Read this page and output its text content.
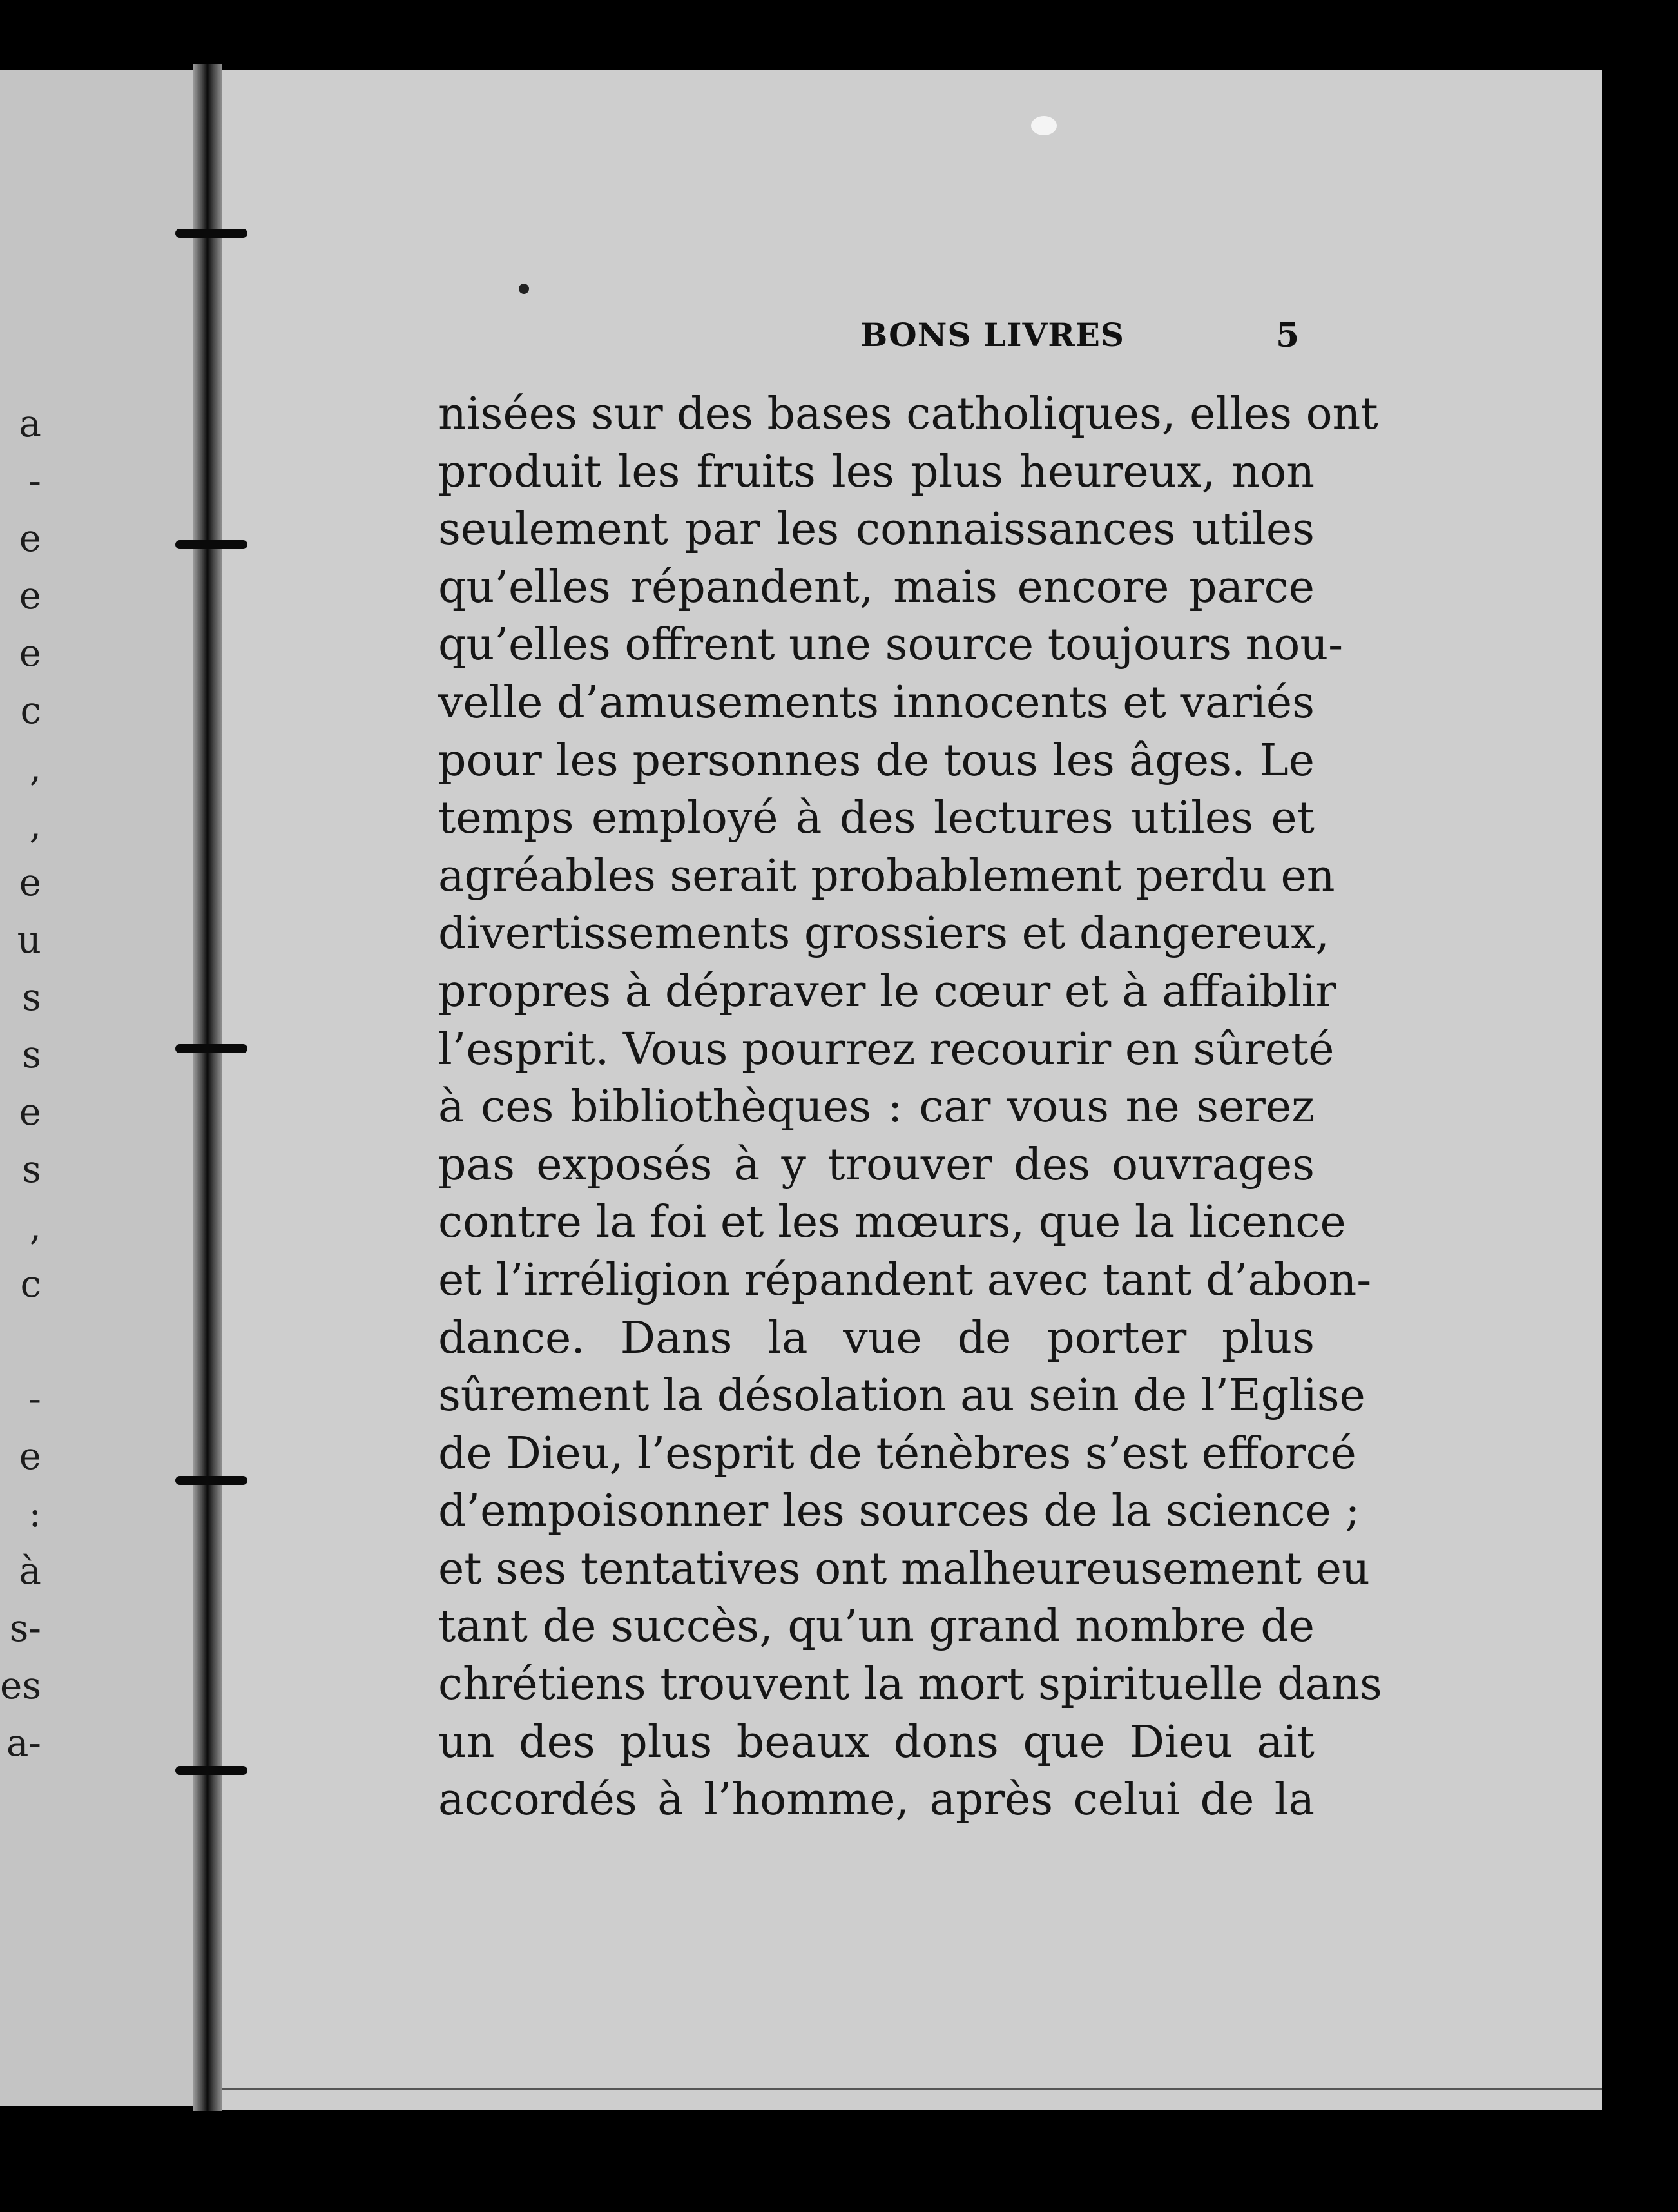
a
-
e
e
e
c
,
,
e
u
s
s
e
s
,
c
-
e
:
à
s-
es
a-
BONS LIVRES	5
nisées sur des bases catholiques, elles ont
produit les fruits les plus heureux, non
seulement par les connaissances utiles
qu’elles répandent, mais encore parce
qu’elles offrent une source toujours nou-
velle d’amusements innocents et variés
pour les personnes de tous les âges. Le
temps employé à des lectures utiles et
agréables serait probablement perdu en
divertissements grossiers et dangereux,
propres à dépraver le cœur et à affaiblir
l’esprit. Vous pourrez recourir en sûreté
à ces bibliothèques : car vous ne serez
pas exposés à y trouver des ouvrages
contre la foi et les mœurs, que la licence
et l’irréligion répandent avec tant d’abon-
dance. Dans la vue de porter plus
sûrement la désolation au sein de l’Eglise
de Dieu, l’esprit de ténèbres s’est efforcé
d’empoisonner les sources de la science ;
et ses tentatives ont malheureusement eu
tant de succès, qu’un grand nombre de
chrétiens trouvent la mort spirituelle dans
un des plus beaux dons que Dieu ait
accordés à l’homme, après celui de la
